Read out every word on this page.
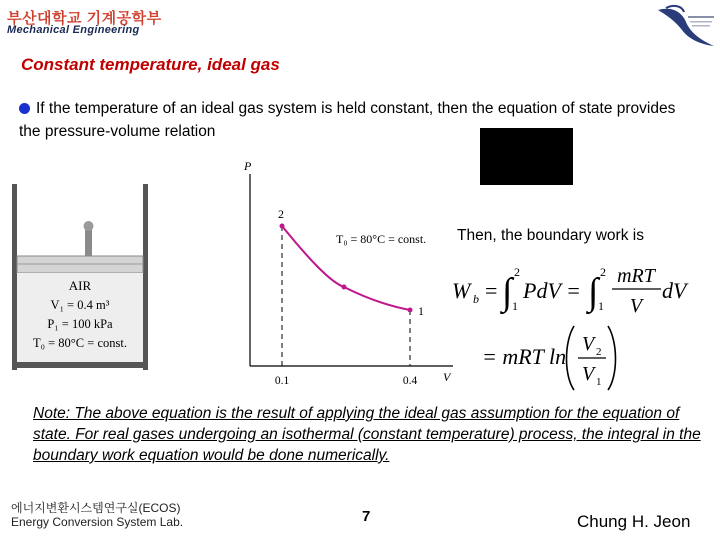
부산대학교 기계공학부
Mechanical Engineering
Constant temperature, ideal gas
If the temperature of an ideal gas system is held constant, then the equation of state provides the pressure-volume relation
AIR
V₁ = 0.4 m³
P₁ = 100 kPa
T₀ = 80°C = const.
P
V
2
1
T₀ = 80°C = const.
0.1	0.4
Then, the boundary work is
W b = ∫ 2
1
PdV = ∫ 2
1
mRT
V
dV
= mRT ln V 2
V 1
Note: The above equation is the result of applying the ideal gas assumption for the equation of state. For real gases undergoing an isothermal (constant temperature) process, the integral in the boundary work equation would be done numerically.
에너지변환시스템연구실(ECOS)
Energy Conversion System Lab.	7	Chung H. Jeon
